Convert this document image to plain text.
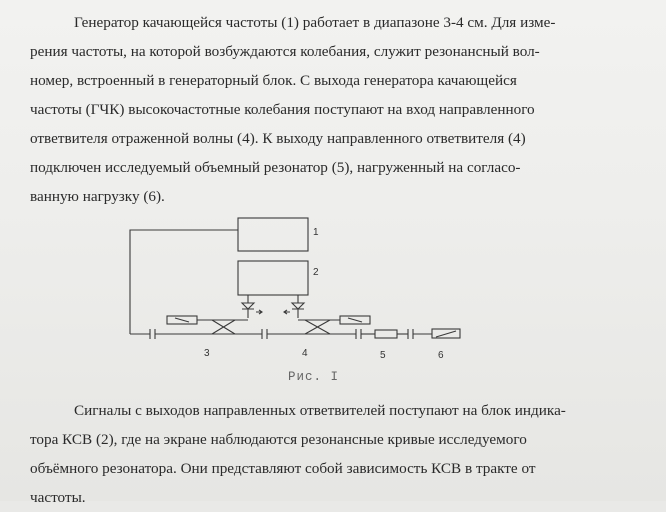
Генератор качающейся частоты (1) работает в диапазоне 3-4 см. Для изме-
рения частоты, на которой возбуждаются колебания, служит резонансный вол-
номер, встроенный в генераторный блок. С выхода генератора качающейся
частоты (ГЧК) высокочастотные колебания поступают на вход направленного
ответвителя отраженной волны (4). К выходу направленного ответвителя (4)
подключен исследуемый объемный резонатор (5), нагруженный на согласо-
ванную нагрузку (6).
1
2
3	4	5	6
Рис. I
Сигналы с выходов направленных ответвителей поступают на блок индика-
тора КСВ (2), где на экране наблюдаются резонансные кривые исследуемого
объёмного резонатора. Они представляют собой зависимость КСВ в тракте от
частоты.
